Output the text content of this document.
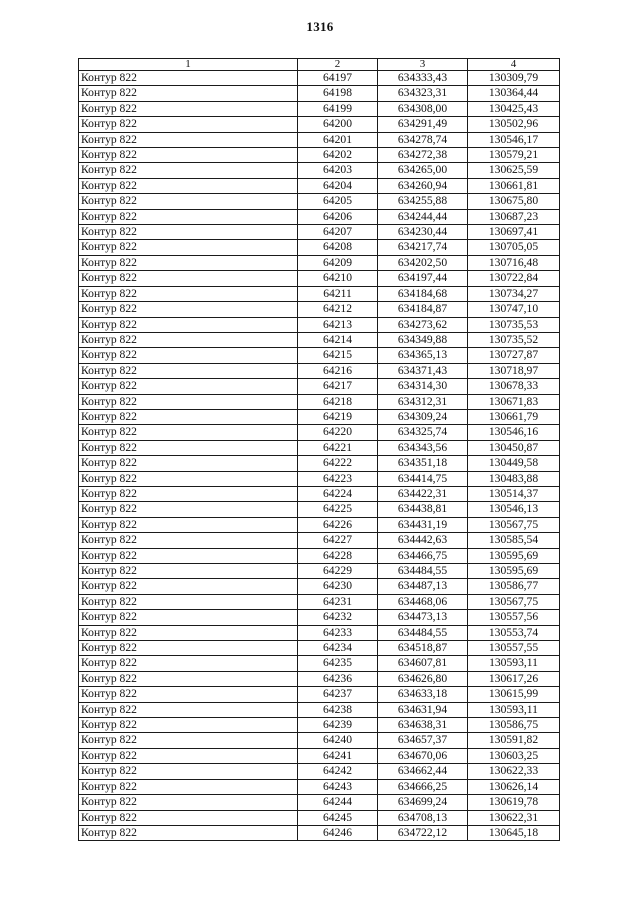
1316
1	2	3	4
Контур 822	64197	634333,43	130309,79
Контур 822	64198	634323,31	130364,44
Контур 822	64199	634308,00	130425,43
Контур 822	64200	634291,49	130502,96
Контур 822	64201	634278,74	130546,17
Контур 822	64202	634272,38	130579,21
Контур 822	64203	634265,00	130625,59
Контур 822	64204	634260,94	130661,81
Контур 822	64205	634255,88	130675,80
Контур 822	64206	634244,44	130687,23
Контур 822	64207	634230,44	130697,41
Контур 822	64208	634217,74	130705,05
Контур 822	64209	634202,50	130716,48
Контур 822	64210	634197,44	130722,84
Контур 822	64211	634184,68	130734,27
Контур 822	64212	634184,87	130747,10
Контур 822	64213	634273,62	130735,53
Контур 822	64214	634349,88	130735,52
Контур 822	64215	634365,13	130727,87
Контур 822	64216	634371,43	130718,97
Контур 822	64217	634314,30	130678,33
Контур 822	64218	634312,31	130671,83
Контур 822	64219	634309,24	130661,79
Контур 822	64220	634325,74	130546,16
Контур 822	64221	634343,56	130450,87
Контур 822	64222	634351,18	130449,58
Контур 822	64223	634414,75	130483,88
Контур 822	64224	634422,31	130514,37
Контур 822	64225	634438,81	130546,13
Контур 822	64226	634431,19	130567,75
Контур 822	64227	634442,63	130585,54
Контур 822	64228	634466,75	130595,69
Контур 822	64229	634484,55	130595,69
Контур 822	64230	634487,13	130586,77
Контур 822	64231	634468,06	130567,75
Контур 822	64232	634473,13	130557,56
Контур 822	64233	634484,55	130553,74
Контур 822	64234	634518,87	130557,55
Контур 822	64235	634607,81	130593,11
Контур 822	64236	634626,80	130617,26
Контур 822	64237	634633,18	130615,99
Контур 822	64238	634631,94	130593,11
Контур 822	64239	634638,31	130586,75
Контур 822	64240	634657,37	130591,82
Контур 822	64241	634670,06	130603,25
Контур 822	64242	634662,44	130622,33
Контур 822	64243	634666,25	130626,14
Контур 822	64244	634699,24	130619,78
Контур 822	64245	634708,13	130622,31
Контур 822	64246	634722,12	130645,18
